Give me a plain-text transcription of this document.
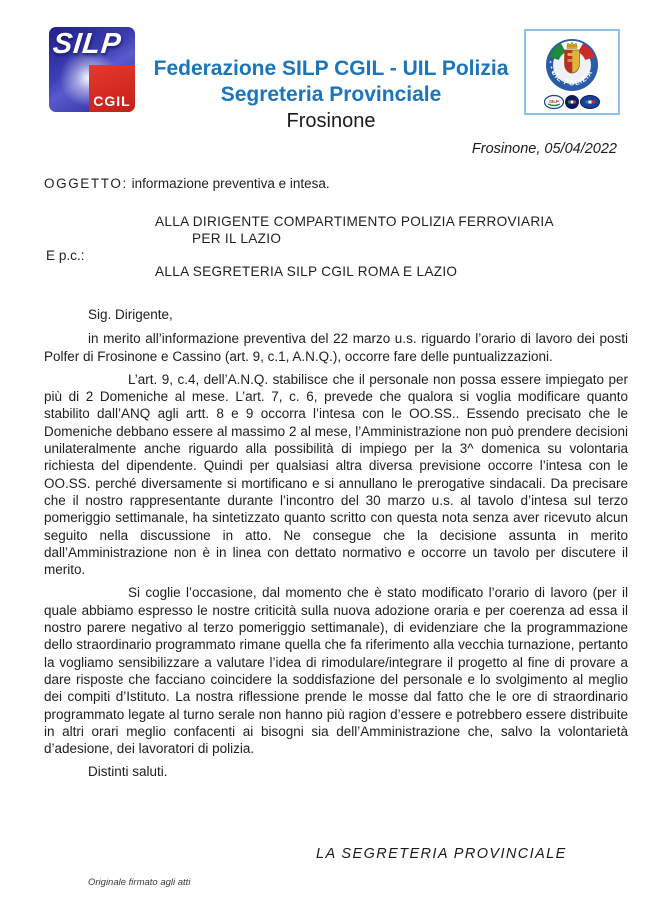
SILP
CGIL
Federazione SILP CGIL - UIL Polizia
Segreteria Provinciale
Frosinone
UIL POLIZIA
SILP
Frosinone, 05/04/2022
OGGETTO: informazione preventiva e intesa.
ALLA DIRIGENTE COMPARTIMENTO POLIZIA FERROVIARIA
PER IL LAZIO
E p.c.:
ALLA SEGRETERIA SILP CGIL ROMA E LAZIO

Sig. Dirigente,

in merito all’informazione preventiva del 22 marzo u.s. riguardo l’orario di lavoro dei posti Polfer di Frosinone e Cassino (art. 9, c.1, A.N.Q.), occorre fare delle puntualizzazioni.

L’art. 9, c.4, dell’A.N.Q. stabilisce che il personale non possa essere impiegato per più di 2 Domeniche al mese. L’art. 7, c. 6, prevede che qualora si voglia modificare quanto stabilito dall’ANQ agli artt. 8 e 9 occorra l’intesa con le OO.SS.. Essendo precisato che le Domeniche debbano essere al massimo 2 al mese, l’Amministrazione non può prendere decisioni unilateralmente anche riguardo alla possibilità di impiego per la 3^ domenica su volontaria richiesta del dipendente. Quindi per qualsiasi altra diversa previsione occorre l’intesa con le OO.SS. perché diversamente si mortificano e si annullano le prerogative sindacali. Da precisare che il nostro rappresentante durante l’incontro del 30 marzo u.s. al tavolo d’intesa sul terzo pomeriggio settimanale, ha sintetizzato quanto scritto con questa nota senza aver ricevuto alcun seguito nella discussione in atto. Ne consegue che la decisione assunta in merito dall’Amministrazione non è in linea con dettato normativo e occorre un tavolo per discutere il merito.

Si coglie l’occasione, dal momento che è stato modificato l’orario di lavoro (per il quale abbiamo espresso le nostre criticità sulla nuova adozione oraria e per coerenza ad essa il nostro parere negativo al terzo pomeriggio settimanale), di evidenziare che la programmazione dello straordinario programmato rimane quella che fa riferimento alla vecchia turnazione, pertanto la vogliamo sensibilizzare a valutare l’idea di rimodulare/integrare il progetto al fine di provare a dare risposte che facciano coincidere la soddisfazione del personale e lo svolgimento al meglio dei compiti d’Istituto. La nostra riflessione prende le mosse dal fatto che le ore di straordinario programmato legate al turno serale non hanno più ragion d’essere e potrebbero essere distribuite in altri orari meglio confacenti ai bisogni sia dell’Amministrazione che, salvo la volontarietà d’adesione, dei lavoratori di polizia.

Distinti saluti.

LA SEGRETERIA PROVINCIALE
Originale firmato agli atti
